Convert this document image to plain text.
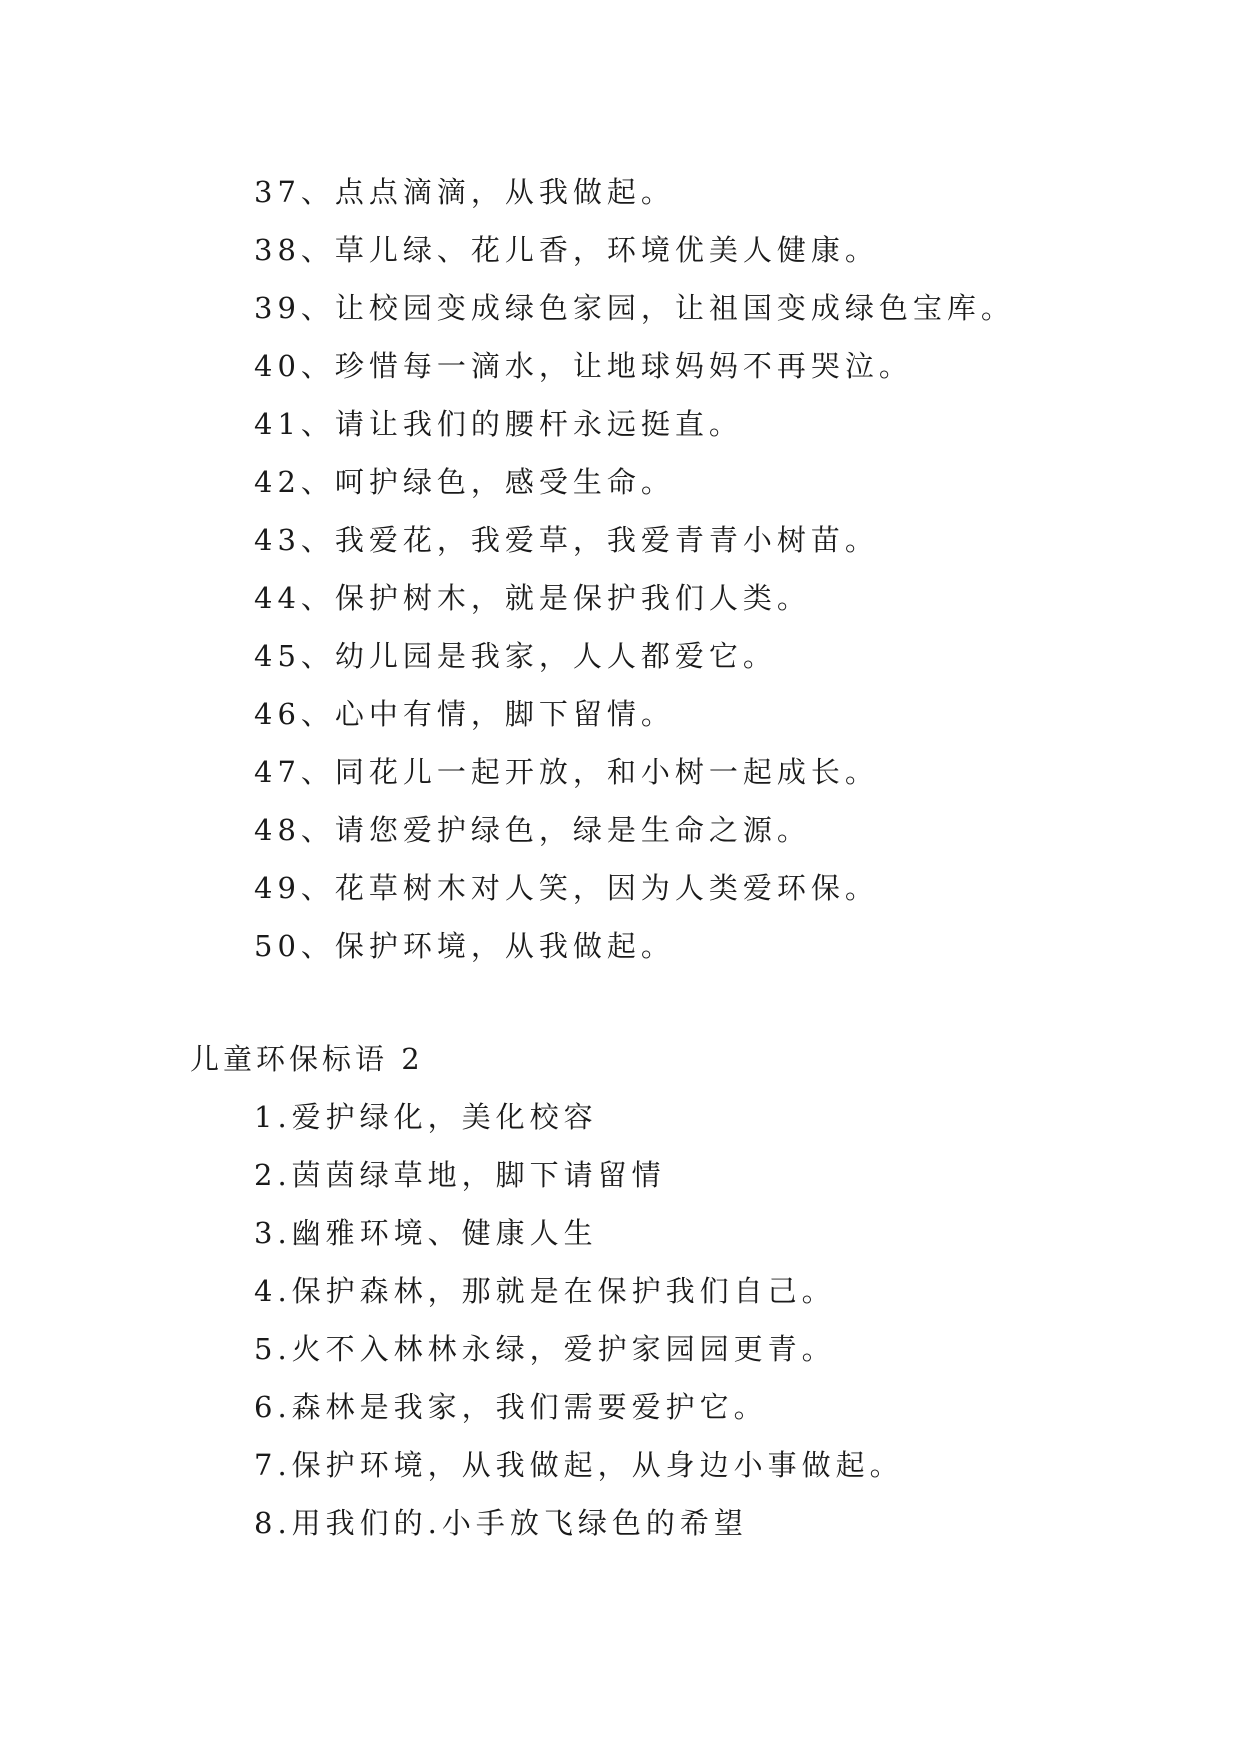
37、点点滴滴，从我做起。
38、草儿绿、花儿香，环境优美人健康。
39、让校园变成绿色家园，让祖国变成绿色宝库。
40、珍惜每一滴水，让地球妈妈不再哭泣。
41、请让我们的腰杆永远挺直。
42、呵护绿色，感受生命。
43、我爱花，我爱草，我爱青青小树苗。
44、保护树木，就是保护我们人类。
45、幼儿园是我家，人人都爱它。
46、心中有情，脚下留情。
47、同花儿一起开放，和小树一起成长。
48、请您爱护绿色，绿是生命之源。
49、花草树木对人笑，因为人类爱环保。
50、保护环境，从我做起。
儿童环保标语 2
1.爱护绿化，美化校容
2.茵茵绿草地，脚下请留情
3.幽雅环境、健康人生
4.保护森林，那就是在保护我们自己。
5.火不入林林永绿，爱护家园园更青。
6.森林是我家，我们需要爱护它。
7.保护环境，从我做起，从身边小事做起。
8.用我们的.小手放飞绿色的希望
